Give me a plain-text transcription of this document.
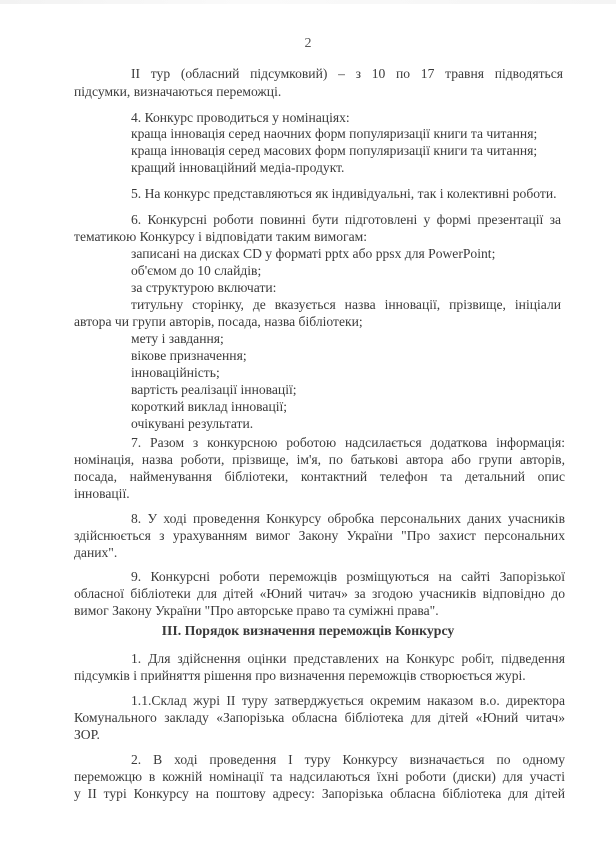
2
ІІ тур (обласний підсумковий) – з 10 по 17 травня підводяться
підсумки, визначаються переможці.
4. Конкурс проводиться у номінаціях:
краща інновація серед наочних форм популяризації книги та читання;
краща інновація серед масових форм популяризації книги та читання;
кращий інноваційний медіа-продукт.
5. На конкурс представляються як індивідуальні, так і колективні роботи.
6. Конкурсні роботи повинні бути підготовлені у формі презентації за
тематикою Конкурсу і відповідати таким вимогам:
записані на дисках CD у форматі pptx або ppsx для PowerPoint;
об'ємом до 10 слайдів;
за структурою включати:
титульну сторінку, де вказується назва інновації, прізвище, ініціали
автора чи групи авторів, посада, назва бібліотеки;
мету і завдання;
вікове призначення;
інноваційність;
вартість реалізації інновації;
короткий виклад інновації;
очікувані результати.
7. Разом з конкурсною роботою надсилається додаткова інформація:
номінація, назва роботи, прізвище, ім'я, по батькові автора або групи авторів,
посада, найменування бібліотеки, контактний телефон та детальний опис
інновації.
8. У ході проведення Конкурсу обробка персональних даних учасників
здійснюється з урахуванням вимог Закону України "Про захист персональних
даних".
9. Конкурсні роботи переможців розміщуються на сайті Запорізької
обласної бібліотеки для дітей «Юний читач» за згодою учасників відповідно до
вимог Закону України "Про авторське право та суміжні права".
ІІІ. Порядок визначення переможців Конкурсу
1. Для здійснення оцінки представлених на Конкурс робіт, підведення
підсумків і прийняття рішення про визначення переможців створюється журі.
1.1.Склад журі ІІ туру затверджується окремим наказом в.о. директора
Комунального закладу «Запорізька обласна бібліотека для дітей «Юний читач»
ЗОР.
2. В ході проведення І туру Конкурсу визначається по одному
переможцю в кожній номінації та надсилаються їхні роботи (диски) для участі
у ІІ турі Конкурсу на поштову адресу: Запорізька обласна бібліотека для дітей
